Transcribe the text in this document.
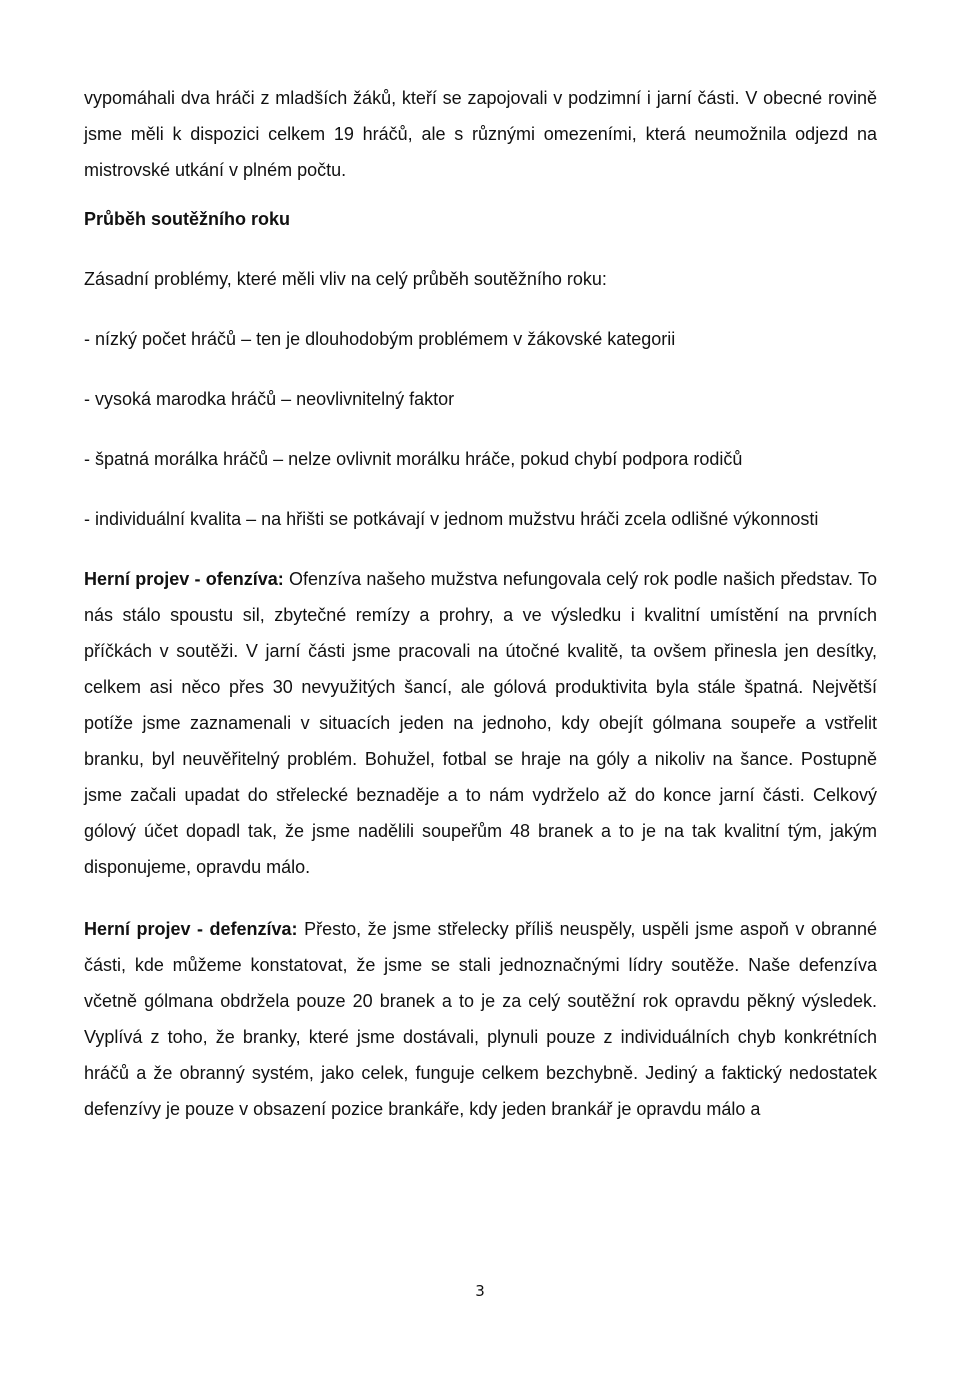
vypomáhali dva hráči z mladších žáků, kteří se zapojovali v podzimní i jarní části. V obecné rovině jsme měli k dispozici celkem 19 hráčů, ale s různými omezeními, která neumožnila odjezd na mistrovské utkání v plném počtu.
Průběh soutěžního roku
Zásadní problémy, které měli vliv na celý průběh soutěžního roku:
- nízký počet hráčů – ten je dlouhodobým problémem v žákovské kategorii
- vysoká marodka hráčů – neovlivnitelný faktor
- špatná morálka hráčů – nelze ovlivnit morálku hráče, pokud chybí podpora rodičů
- individuální kvalita – na hřišti se potkávají v jednom mužstvu hráči zcela odlišné výkonnosti
Herní projev - ofenzíva: Ofenzíva našeho mužstva nefungovala celý rok podle našich představ. To nás stálo spoustu sil, zbytečné remízy a prohry, a ve výsledku i kvalitní umístění na prvních příčkách v soutěži. V jarní části jsme pracovali na útočné kvalitě, ta ovšem přinesla jen desítky, celkem asi něco přes 30 nevyužitých šancí, ale gólová produktivita byla stále špatná. Největší potíže jsme zaznamenali v situacích jeden na jednoho, kdy obejít gólmana soupeře a vstřelit branku, byl neuvěřitelný problém. Bohužel, fotbal se hraje na góly a nikoliv na šance. Postupně jsme začali upadat do střelecké beznaděje a to nám vydrželo až do konce jarní části. Celkový gólový účet dopadl tak, že jsme nadělili soupeřům 48 branek a to je na tak kvalitní tým, jakým disponujeme, opravdu málo.
Herní projev - defenzíva: Přesto, že jsme střelecky příliš neuspěly, uspěli jsme aspoň v obranné části, kde můžeme konstatovat, že jsme se stali jednoznačnými lídry soutěže. Naše defenzíva včetně gólmana obdržela pouze 20 branek a to je za celý soutěžní rok opravdu pěkný výsledek. Vyplívá z toho, že branky, které jsme dostávali, plynuli pouze z individuálních chyb konkrétních hráčů a že obranný systém, jako celek, funguje celkem bezchybně. Jediný a faktický nedostatek defenzívy je pouze v obsazení pozice brankáře, kdy jeden brankář je opravdu málo a
3
